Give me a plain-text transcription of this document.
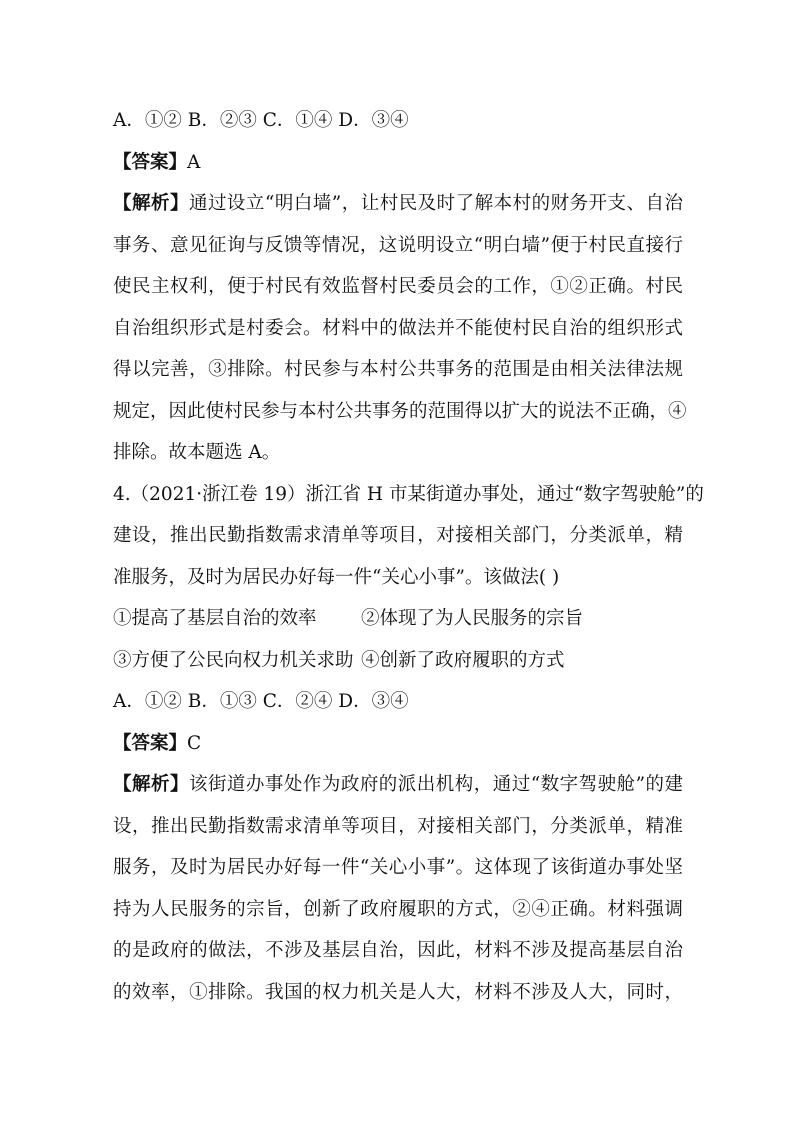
A．①② B．②③ C．①④ D．③④

【答案】A

【解析】通过设立“明白墙”，让村民及时了解本村的财务开支、自治

事务、意见征询与反馈等情况，这说明设立“明白墙”便于村民直接行

使民主权利，便于村民有效监督村民委员会的工作，①②正确。村民

自治组织形式是村委会。材料中的做法并不能使村民自治的组织形式

得以完善，③排除。村民参与本村公共事务的范围是由相关法律法规

规定，因此使村民参与本村公共事务的范围得以扩大的说法不正确，④

排除。故本题选 A。

4.（2021·浙江卷 19）浙江省 H 市某街道办事处，通过“数字驾驶舱”的

建设，推出民勤指数需求清单等项目，对接相关部门，分类派单，精

准服务，及时为居民办好每一件“关心小事”。该做法( )

①提高了基层自治的效率 ②体现了为人民服务的宗旨

③方便了公民向权力机关求助 ④创新了政府履职的方式

A．①② B．①③ C．②④ D．③④

【答案】C

【解析】该街道办事处作为政府的派出机构，通过“数字驾驶舱”的建

设，推出民勤指数需求清单等项目，对接相关部门，分类派单，精准

服务，及时为居民办好每一件“关心小事”。这体现了该街道办事处坚

持为人民服务的宗旨，创新了政府履职的方式，②④正确。材料强调

的是政府的做法，不涉及基层自治，因此，材料不涉及提高基层自治

的效率，①排除。我国的权力机关是人大，材料不涉及人大，同时，
